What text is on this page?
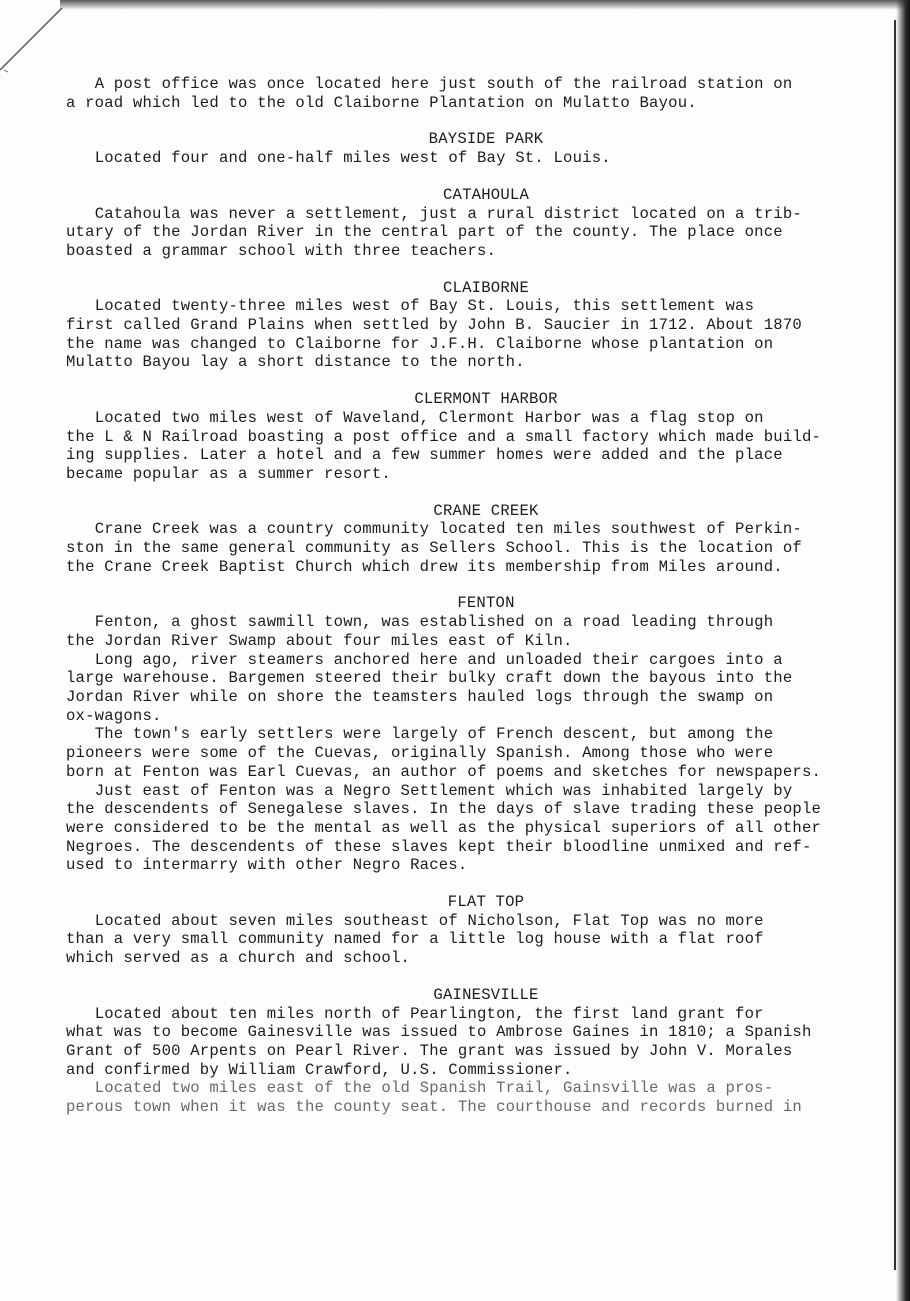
A post office was once located here just south of the railroad station on
a road which led to the old Claiborne Plantation on Mulatto Bayou.

BAYSIDE PARK

Located four and one-half miles west of Bay St. Louis.

CATAHOULA

Catahoula was never a settlement, just a rural district located on a trib-
utary of the Jordan River in the central part of the county. The place once
boasted a grammar school with three teachers.

CLAIBORNE

Located twenty-three miles west of Bay St. Louis, this settlement was
first called Grand Plains when settled by John B. Saucier in 1712. About 1870
the name was changed to Claiborne for J.F.H. Claiborne whose plantation on
Mulatto Bayou lay a short distance to the north.

CLERMONT HARBOR

Located two miles west of Waveland, Clermont Harbor was a flag stop on
the L & N Railroad boasting a post office and a small factory which made build-
ing supplies. Later a hotel and a few summer homes were added and the place
became popular as a summer resort.

CRANE CREEK

Crane Creek was a country community located ten miles southwest of Perkin-
ston in the same general community as Sellers School. This is the location of
the Crane Creek Baptist Church which drew its membership from Miles around.

FENTON

Fenton, a ghost sawmill town, was established on a road leading through
the Jordan River Swamp about four miles east of Kiln.

Long ago, river steamers anchored here and unloaded their cargoes into a
large warehouse. Bargemen steered their bulky craft down the bayous into the
Jordan River while on shore the teamsters hauled logs through the swamp on
ox-wagons.

The town's early settlers were largely of French descent, but among the
pioneers were some of the Cuevas, originally Spanish. Among those who were
born at Fenton was Earl Cuevas, an author of poems and sketches for newspapers.

Just east of Fenton was a Negro Settlement which was inhabited largely by
the descendents of Senegalese slaves. In the days of slave trading these people
were considered to be the mental as well as the physical superiors of all other
Negroes. The descendents of these slaves kept their bloodline unmixed and ref-
used to intermarry with other Negro Races.

FLAT TOP

Located about seven miles southeast of Nicholson, Flat Top was no more
than a very small community named for a little log house with a flat roof
which served as a church and school.

GAINESVILLE

Located about ten miles north of Pearlington, the first land grant for
what was to become Gainesville was issued to Ambrose Gaines in 1810; a Spanish
Grant of 500 Arpents on Pearl River. The grant was issued by John V. Morales
and confirmed by William Crawford, U.S. Commissioner.

Located two miles east of the old Spanish Trail, Gainsville was a pros-
perous town when it was the county seat. The courthouse and records burned in
